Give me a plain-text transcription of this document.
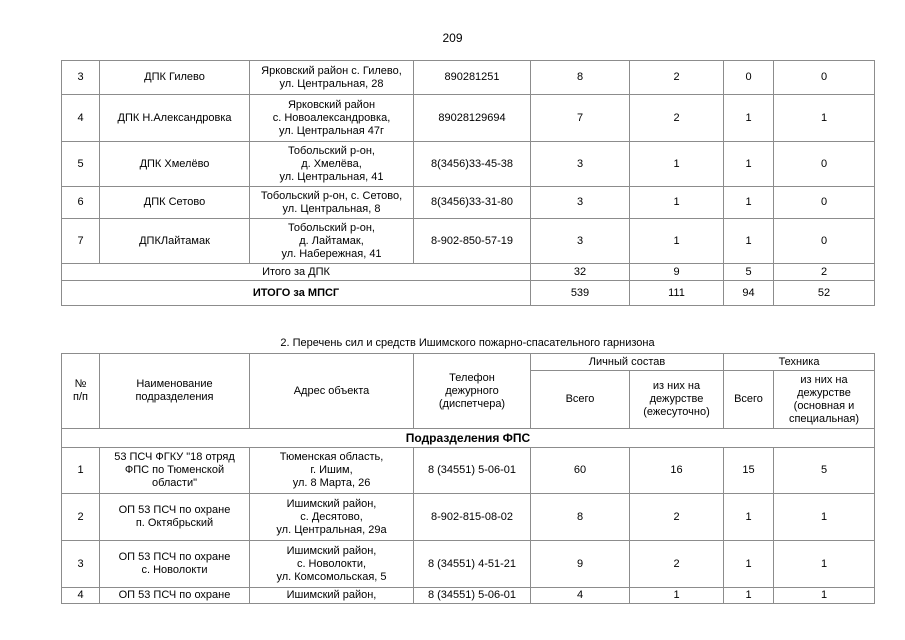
209
3	ДПК Гилево	Ярковский район с. Гилево,
ул. Центральная, 28	890281251	8	2	0	0
4	ДПК Н.Александровка	Ярковский район
с. Новоалександровка,
ул. Центральная 47г	89028129694	7	2	1	1
5	ДПК Хмелёво	Тобольский р-он,
д. Хмелёва,
ул. Центральная, 41	8(3456)33-45-38	3	1	1	0
6	ДПК Сетово	Тобольский р-он, с. Сетово,
ул. Центральная, 8	8(3456)33-31-80	3	1	1	0
7	ДПКЛайтамак	Тобольский р-он,
д. Лайтамак,
ул. Набережная, 41	8-902-850-57-19	3	1	1	0
Итого за ДПК				32	9	5	2
ИТОГО за МПСГ				539	111	94	52
2. Перечень сил и средств Ишимского пожарно-спасательного гарнизона
№
п/п	Наименование
подразделения	Адрес объекта	Телефон
дежурного
(диспетчера)	Личный состав		Техника	
				Всего	из них на
дежурстве
(ежесуточно)	Всего	из них на
дежурстве
(основная и
специальная)
Подразделения ФПС							
1	53 ПСЧ ФГКУ "18 отряд
ФПС по Тюменской
области"	Тюменская область,
г. Ишим,
ул. 8 Марта, 26	8 (34551) 5-06-01	60	16	15	5
2	ОП 53 ПСЧ по охране
п. Октябрьский	Ишимский район,
с. Десятово,
ул. Центральная, 29а	8-902-815-08-02	8	2	1	1
3	ОП 53 ПСЧ по охране
с. Новолокти	Ишимский район,
с. Новолокти,
ул. Комсомольская, 5	8 (34551) 4-51-21	9	2	1	1
4	ОП 53 ПСЧ по охране	Ишимский район,	8 (34551) 5-06-01	4	1	1	1
